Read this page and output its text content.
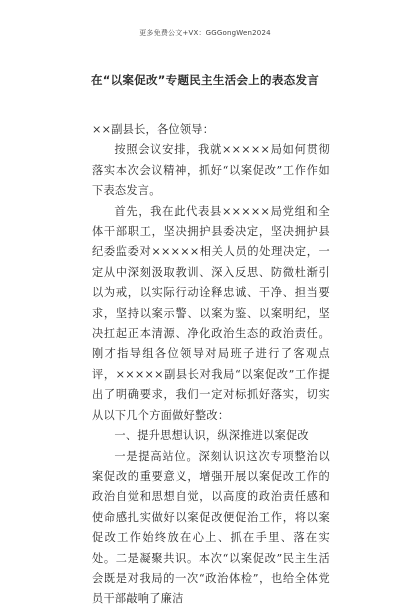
更多免费公文+VX：GGGongWen2024
在“以案促改”专题民主生活会上的表态发言

××副县长，各位领导：

按照会议安排，我就×××××局如何贯彻落实本次会议精神，抓好“以案促改”工作作如下表态发言。

首先，我在此代表县×××××局党组和全体干部职工，坚决拥护县委决定，坚决拥护县纪委监委对×××××相关人员的处理决定，一定从中深刻汲取教训、深入反思、防微杜渐引以为戒，以实际行动诠释忠诚、干净、担当要求，坚持以案示警、以案为鉴、以案明纪，坚决扛起正本清源、净化政治生态的政治责任。刚才指导组各位领导对局班子进行了客观点评，×××××副县长对我局“以案促改”工作提出了明确要求，我们一定对标抓好落实，切实从以下几个方面做好整改：

一、提升思想认识，纵深推进以案促改

一是提高站位。深刻认识这次专项整治以案促改的重要意义，增强开展以案促改工作的政治自觉和思想自觉，以高度的政治责任感和使命感扎实做好以案促改便促治工作，将以案促改工作始终放在心上、抓在手里、落在实处。二是凝聚共识。本次“以案促改”民主生活会既是对我局的一次“政治体检”，也给全体党员干部敲响了廉洁
